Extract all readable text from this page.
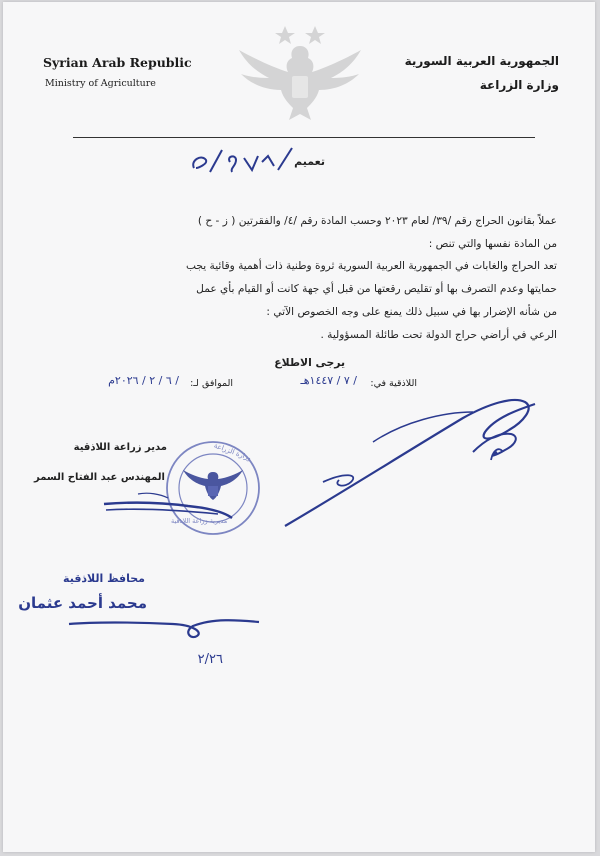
Syrian Arab Republic
Ministry of Agriculture
الجمهورية العربية السورية
وزارة الزراعة
تعميم
عملاً بقانون الحراج رقم /٣٩/ لعام ٢٠٢٣ وحسب المادة رقم /٤/ والفقرتين ( ز - ح )
من المادة نفسها والتي تنص :
تعد الحراج والغابات في الجمهورية العربية السورية ثروة وطنية ذات أهمية وقائية يجب
حمايتها وعدم التصرف بها أو تقليص رقعتها من قبل أي جهة كانت أو القيام بأي عمل
من شأنه الإضرار بها في سبيل ذلك يمنع على وجه الخصوص الآتي :
الرعي في أراضي حراج الدولة تحت طائلة المسؤولية .
يرجى الاطلاع
اللاذقية في:
/ ٧ / ١٤٤٧هـ
الموافق لـ:
/ ٦ / ٢ / ٢٠٢٦م
وزارة الزراعة
مديرية زراعة اللاذقية
مدير زراعة اللاذقية
المهندس عبد الفتاح السمر
محافظ اللاذقية
محمد أحمد عثمان
٢/٢٦
